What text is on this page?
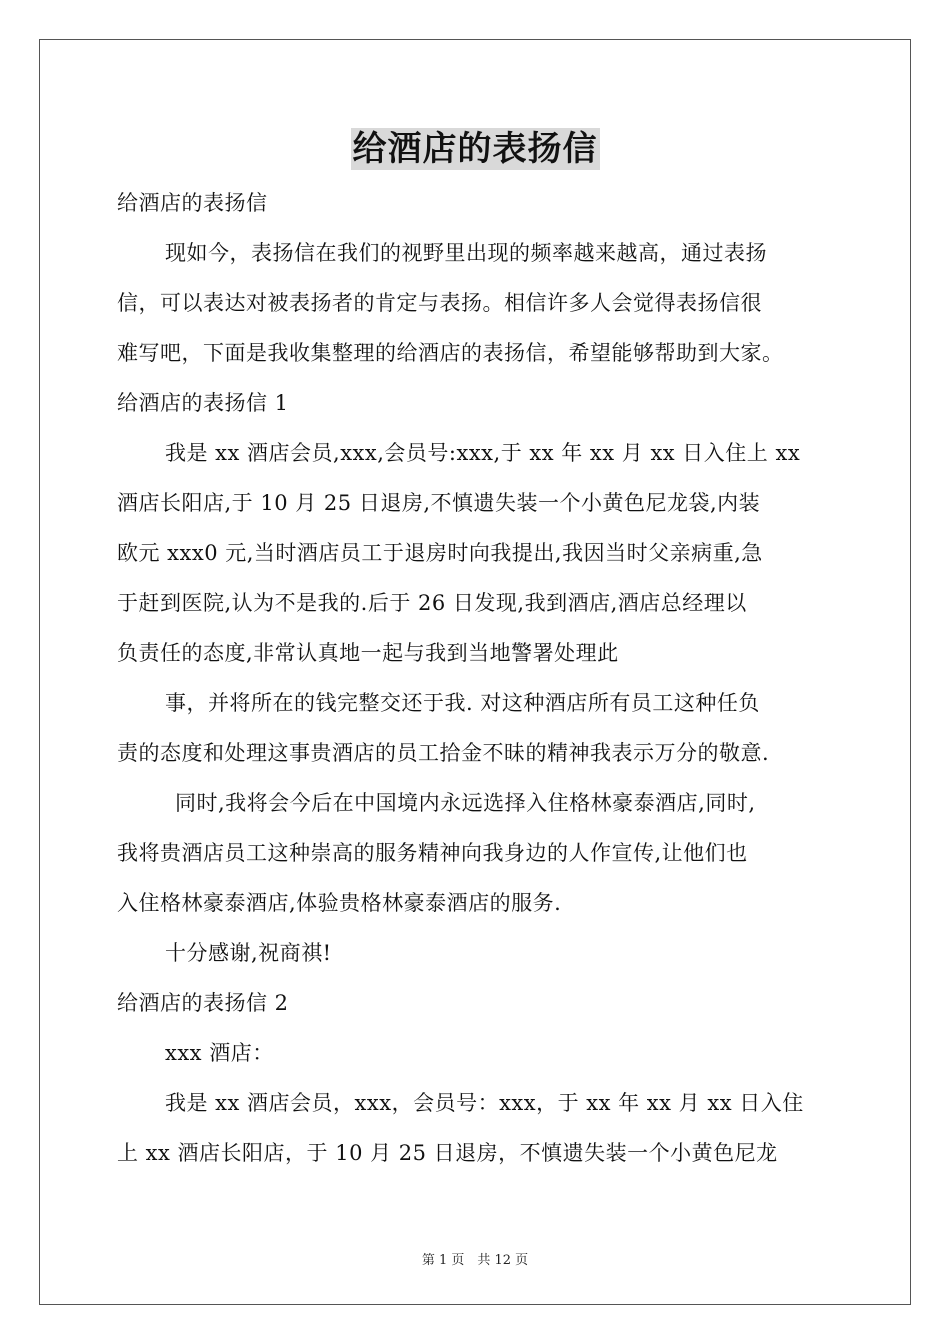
给酒店的表扬信
给酒店的表扬信
现如今，表扬信在我们的视野里出现的频率越来越高，通过表扬
信，可以表达对被表扬者的肯定与表扬。相信许多人会觉得表扬信很
难写吧，下面是我收集整理的给酒店的表扬信，希望能够帮助到大家。
给酒店的表扬信 1
我是 xx 酒店会员,xxx,会员号:xxx,于 xx 年 xx 月 xx 日入住上 xx
酒店长阳店,于 10 月 25 日退房,不慎遗失装一个小黄色尼龙袋,内装
欧元 xxx0 元,当时酒店员工于退房时向我提出,我因当时父亲病重,急
于赶到医院,认为不是我的.后于 26 日发现,我到酒店,酒店总经理以
负责任的态度,非常认真地一起与我到当地警署处理此
事，并将所在的钱完整交还于我. 对这种酒店所有员工这种任负
责的态度和处理这事贵酒店的员工拾金不昧的精神我表示万分的敬意.
同时,我将会今后在中国境内永远选择入住格林豪泰酒店,同时,
我将贵酒店员工这种崇高的服务精神向我身边的人作宣传,让他们也
入住格林豪泰酒店,体验贵格林豪泰酒店的服务.
十分感谢,祝商祺!
给酒店的表扬信 2
xxx 酒店：
我是 xx 酒店会员，xxx，会员号：xxx，于 xx 年 xx 月 xx 日入住
上 xx 酒店长阳店，于 10 月 25 日退房，不慎遗失装一个小黄色尼龙
第 1 页　共 12 页
